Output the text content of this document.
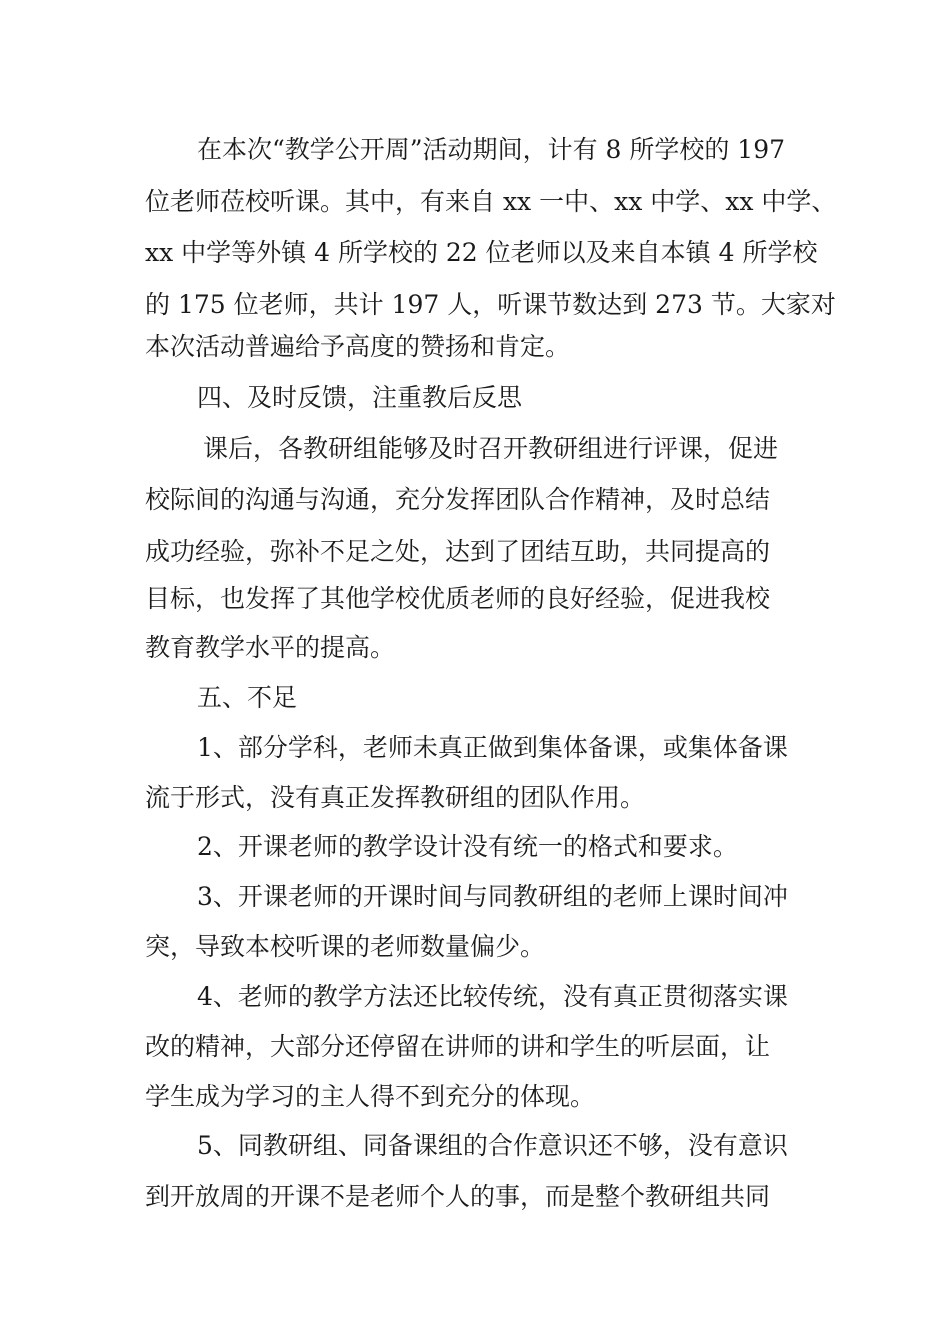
在本次“教学公开周”活动期间，计有 8 所学校的 197

位老师莅校听课。其中，有来自 xx 一中、xx 中学、xx 中学、

xx 中学等外镇 4 所学校的 22 位老师以及来自本镇 4 所学校

的 175 位老师，共计 197 人，听课节数达到 273 节。大家对

本次活动普遍给予高度的赞扬和肯定。

四、及时反馈，注重教后反思

课后，各教研组能够及时召开教研组进行评课，促进

校际间的沟通与沟通，充分发挥团队合作精神，及时总结

成功经验，弥补不足之处，达到了团结互助，共同提高的

目标，也发挥了其他学校优质老师的良好经验，促进我校

教育教学水平的提高。

五、不足

1、部分学科，老师未真正做到集体备课，或集体备课

流于形式，没有真正发挥教研组的团队作用。

2、开课老师的教学设计没有统一的格式和要求。

3、开课老师的开课时间与同教研组的老师上课时间冲

突，导致本校听课的老师数量偏少。

4、老师的教学方法还比较传统，没有真正贯彻落实课

改的精神，大部分还停留在讲师的讲和学生的听层面，让

学生成为学习的主人得不到充分的体现。

5、同教研组、同备课组的合作意识还不够，没有意识

到开放周的开课不是老师个人的事，而是整个教研组共同
